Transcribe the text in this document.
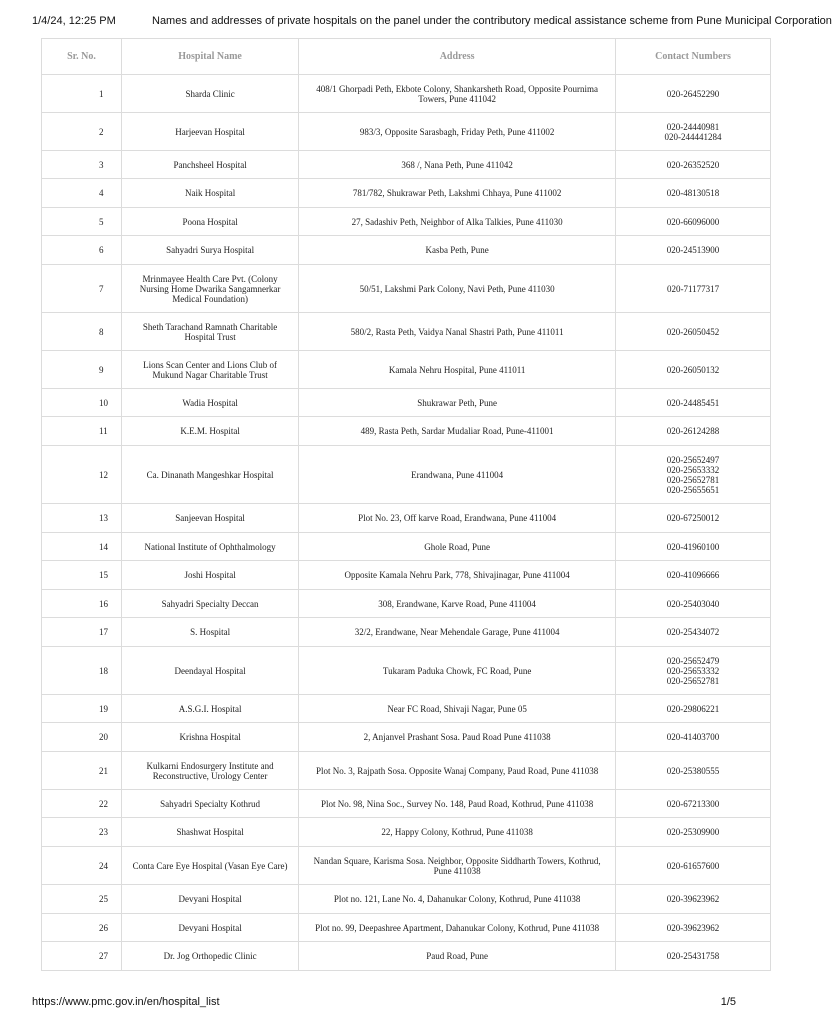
1/4/24, 12:25 PM	Names and addresses of private hospitals on the panel under the contributory medical assistance scheme from Pune Municipal Corporation
Sr. No.	Hospital Name	Address	Contact Numbers
1	Sharda Clinic	408/1 Ghorpadi Peth, Ekbote Colony, Shankarsheth Road, Opposite Pournima Towers, Pune 411042	020-26452290

2	Harjeevan Hospital	983/3, Opposite Sarasbagh, Friday Peth, Pune 411002	020-24440981
020-244441284

3	Panchsheel Hospital	368 /, Nana Peth, Pune 411042	020-26352520

4	Naik Hospital	781/782, Shukrawar Peth, Lakshmi Chhaya, Pune 411002	020-48130518

5	Poona Hospital	27, Sadashiv Peth, Neighbor of Alka Talkies, Pune 411030	020-66096000

6	Sahyadri Surya Hospital	Kasba Peth, Pune	020-24513900

7	Mrinmayee Health Care Pvt. (Colony Nursing Home Dwarika Sangamnerkar Medical Foundation)	50/51, Lakshmi Park Colony, Navi Peth, Pune 411030	020-71177317

8	Sheth Tarachand Ramnath Charitable Hospital Trust	580/2, Rasta Peth, Vaidya Nanal Shastri Path, Pune 411011	020-26050452

9	Lions Scan Center and Lions Club of Mukund Nagar Charitable Trust	Kamala Nehru Hospital, Pune 411011	020-26050132

10	Wadia Hospital	Shukrawar Peth, Pune	020-24485451

11	K.E.M. Hospital	489, Rasta Peth, Sardar Mudaliar Road, Pune-411001	020-26124288

12	Ca. Dinanath Mangeshkar Hospital	Erandwana, Pune 411004	020-25652497
020-25653332
020-25652781
020-25655651

13	Sanjeevan Hospital	Plot No. 23, Off karve Road, Erandwana, Pune 411004	020-67250012

14	National Institute of Ophthalmology	Ghole Road, Pune	020-41960100

15	Joshi Hospital	Opposite Kamala Nehru Park, 778, Shivajinagar, Pune 411004	020-41096666

16	Sahyadri Specialty Deccan	308, Erandwane, Karve Road, Pune 411004	020-25403040

17	S. Hospital	32/2, Erandwane, Near Mehendale Garage, Pune 411004	020-25434072

18	Deendayal Hospital	Tukaram Paduka Chowk, FC Road, Pune	020-25652479
020-25653332
020-25652781

19	A.S.G.I. Hospital	Near FC Road, Shivaji Nagar, Pune 05	020-29806221

20	Krishna Hospital	2, Anjanvel Prashant Sosa. Paud Road Pune 411038	020-41403700

21	Kulkarni Endosurgery Institute and Reconstructive, Urology Center	Plot No. 3, Rajpath Sosa. Opposite Wanaj Company, Paud Road, Pune 411038	020-25380555

22	Sahyadri Specialty Kothrud	Plot No. 98, Nina Soc., Survey No. 148, Paud Road, Kothrud, Pune 411038	020-67213300

23	Shashwat Hospital	22, Happy Colony, Kothrud, Pune 411038	020-25309900

24	Conta Care Eye Hospital (Vasan Eye Care)	Nandan Square, Karisma Sosa. Neighbor, Opposite Siddharth Towers, Kothrud, Pune 411038	020-61657600

25	Devyani Hospital	Plot no. 121, Lane No. 4, Dahanukar Colony, Kothrud, Pune 411038	020-39623962

26	Devyani Hospital	Plot no. 99, Deepashree Apartment, Dahanukar Colony, Kothrud, Pune 411038	020-39623962

27	Dr. Jog Orthopedic Clinic	Paud Road, Pune	020-25431758
https://www.pmc.gov.in/en/hospital_list	1/5
